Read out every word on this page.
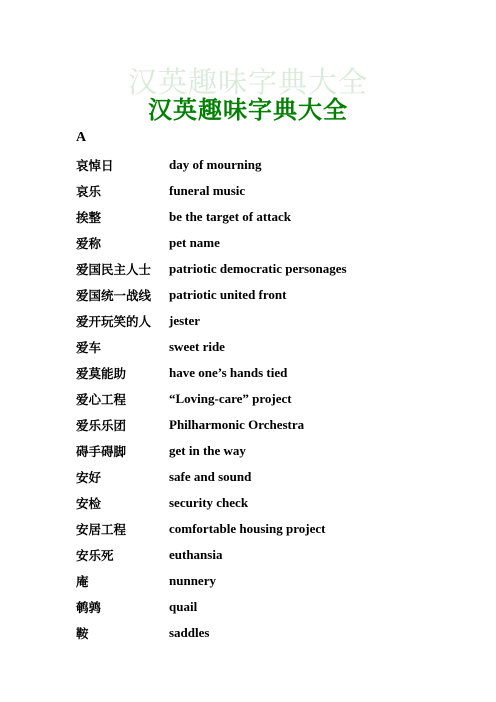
汉英趣味字典大全
汉英趣味字典大全
A
哀悼日	day of mourning
哀乐	funeral music
挨整	be the target of attack
爱称	pet name
爱国民主人士	patriotic democratic personages
爱国统一战线	patriotic united front
爱开玩笑的人	jester
爱车	sweet ride
爱莫能助	have one’s hands tied
爱心工程	“Loving-care” project
爱乐乐团	Philharmonic Orchestra
碍手碍脚	get in the way
安好	safe and sound
安检	security check
安居工程	comfortable housing project
安乐死	euthansia
庵	nunnery
鹌鹑	quail
鞍	saddles
